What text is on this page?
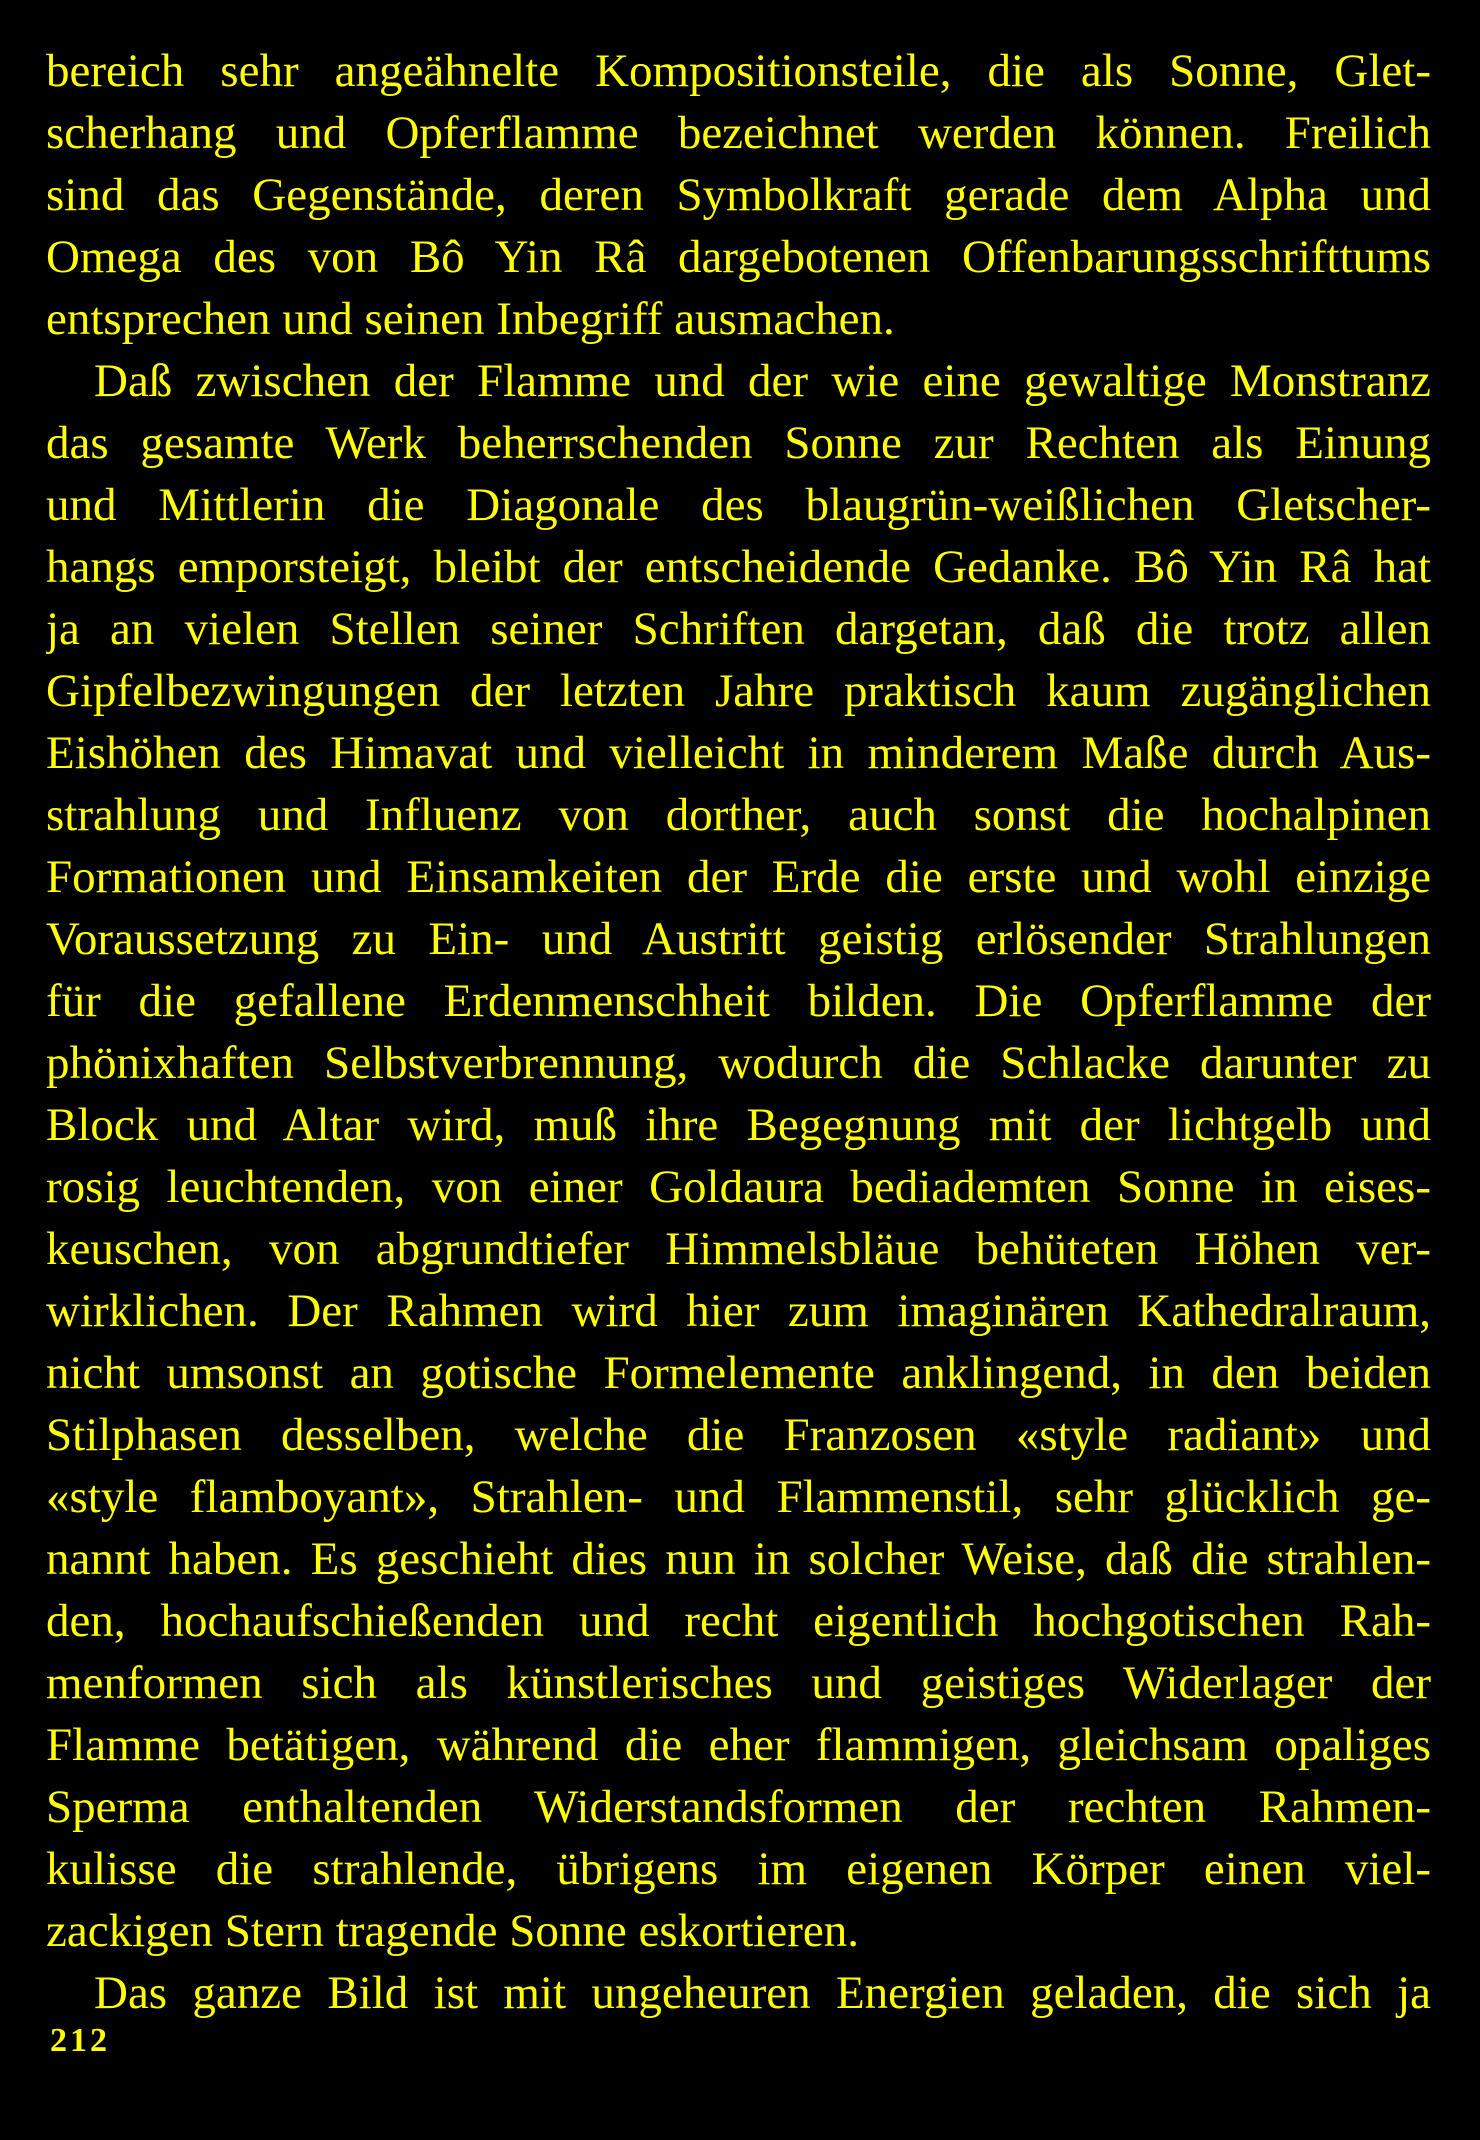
bereich sehr angeähnelte Kompositionsteile, die als Sonne, Glet-
scherhang und Opferflamme bezeichnet werden können. Freilich
sind das Gegenstände, deren Symbolkraft gerade dem Alpha und
Omega des von Bô Yin Râ dargebotenen Offenbarungsschrifttums
entsprechen und seinen Inbegriff ausmachen.
Daß zwischen der Flamme und der wie eine gewaltige Monstranz
das gesamte Werk beherrschenden Sonne zur Rechten als Einung
und Mittlerin die Diagonale des blaugrün-weißlichen Gletscher-
hangs emporsteigt, bleibt der entscheidende Gedanke. Bô Yin Râ hat
ja an vielen Stellen seiner Schriften dargetan, daß die trotz allen
Gipfelbezwingungen der letzten Jahre praktisch kaum zugänglichen
Eishöhen des Himavat und vielleicht in minderem Maße durch Aus-
strahlung und Influenz von dorther, auch sonst die hochalpinen
Formationen und Einsamkeiten der Erde die erste und wohl einzige
Voraussetzung zu Ein- und Austritt geistig erlösender Strahlungen
für die gefallene Erdenmenschheit bilden. Die Opferflamme der
phönixhaften Selbstverbrennung, wodurch die Schlacke darunter zu
Block und Altar wird, muß ihre Begegnung mit der lichtgelb und
rosig leuchtenden, von einer Goldaura bediademten Sonne in eises-
keuschen, von abgrundtiefer Himmelsbläue behüteten Höhen ver-
wirklichen. Der Rahmen wird hier zum imaginären Kathedralraum,
nicht umsonst an gotische Formelemente anklingend, in den beiden
Stilphasen desselben, welche die Franzosen «style radiant» und
«style flamboyant», Strahlen- und Flammenstil, sehr glücklich ge-
nannt haben. Es geschieht dies nun in solcher Weise, daß die strahlen-
den, hochaufschießenden und recht eigentlich hochgotischen Rah-
menformen sich als künstlerisches und geistiges Widerlager der
Flamme betätigen, während die eher flammigen, gleichsam opaliges
Sperma enthaltenden Widerstandsformen der rechten Rahmen-
kulisse die strahlende, übrigens im eigenen Körper einen viel-
zackigen Stern tragende Sonne eskortieren.
Das ganze Bild ist mit ungeheuren Energien geladen, die sich ja
212
